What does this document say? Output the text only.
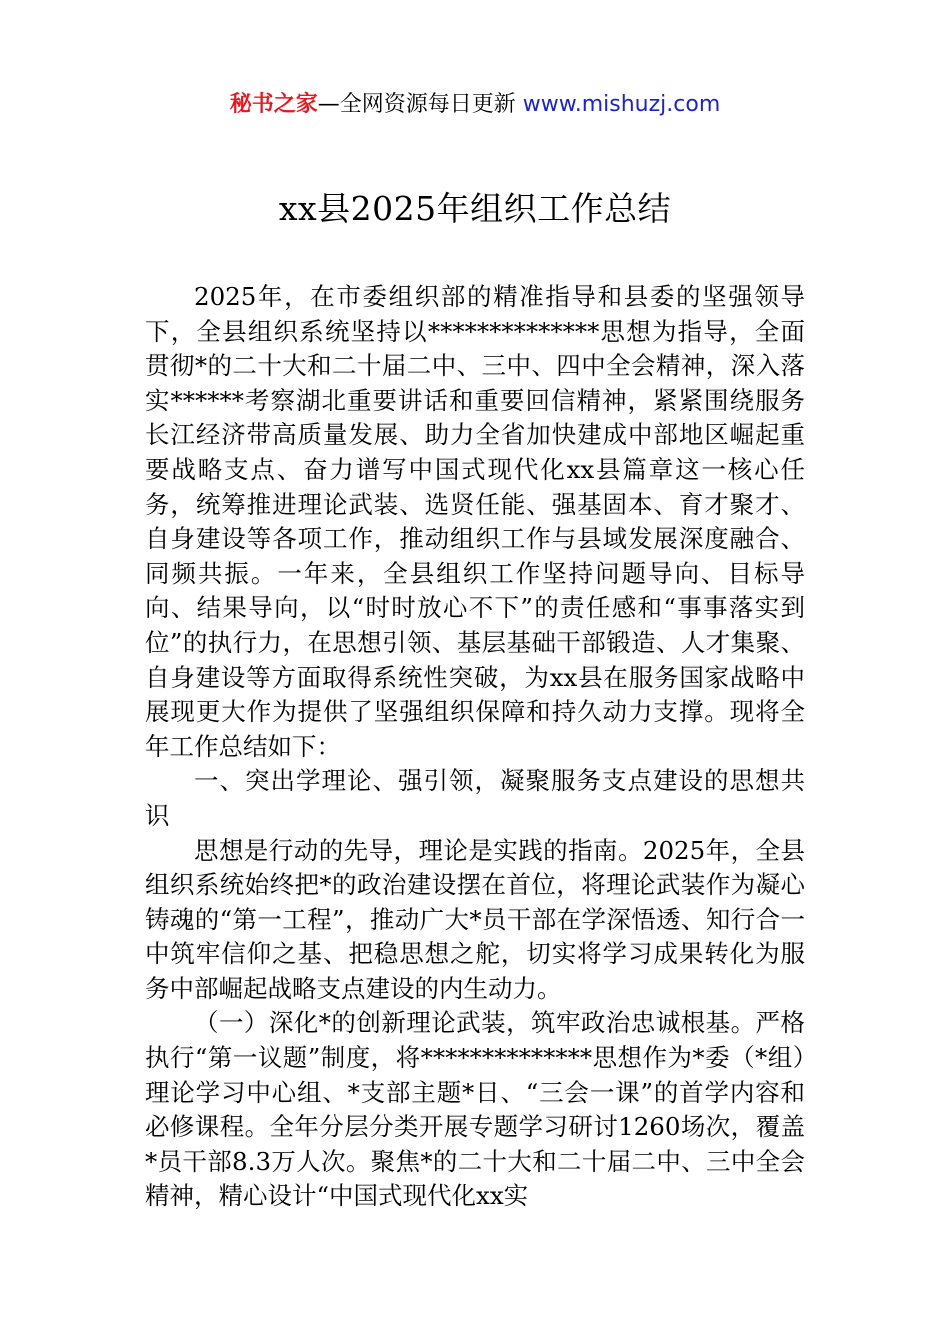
秘书之家—全网资源每日更新 www.mishuzj.com
xx县2025年组织工作总结

2025年，在市委组织部的精准指导和县委的坚强领导下，全县组织系统坚持以**************思想为指导，全面贯彻*的二十大和二十届二中、三中、四中全会精神，深入落实******考察湖北重要讲话和重要回信精神，紧紧围绕服务长江经济带高质量发展、助力全省加快建成中部地区崛起重要战略支点、奋力谱写中国式现代化xx县篇章这一核心任务，统筹推进理论武装、选贤任能、强基固本、育才聚才、自身建设等各项工作，推动组织工作与县域发展深度融合、同频共振。一年来，全县组织工作坚持问题导向、目标导向、结果导向，以“时时放心不下”的责任感和“事事落实到位”的执行力，在思想引领、基层基础干部锻造、人才集聚、自身建设等方面取得系统性突破，为xx县在服务国家战略中展现更大作为提供了坚强组织保障和持久动力支撑。现将全年工作总结如下：

一、突出学理论、强引领，凝聚服务支点建设的思想共识

思想是行动的先导，理论是实践的指南。2025年，全县组织系统始终把*的政治建设摆在首位，将理论武装作为凝心铸魂的“第一工程”，推动广大*员干部在学深悟透、知行合一中筑牢信仰之基、把稳思想之舵，切实将学习成果转化为服务中部崛起战略支点建设的内生动力。

（一）深化*的创新理论武装，筑牢政治忠诚根基。严格执行“第一议题”制度，将**************思想作为*委（*组）理论学习中心组、*支部主题*日、“三会一课”的首学内容和必修课程。全年分层分类开展专题学习研讨1260场次，覆盖*员干部8.3万人次。聚焦*的二十大和二十届二中、三中全会精神，精心设计“中国式现代化xx实
